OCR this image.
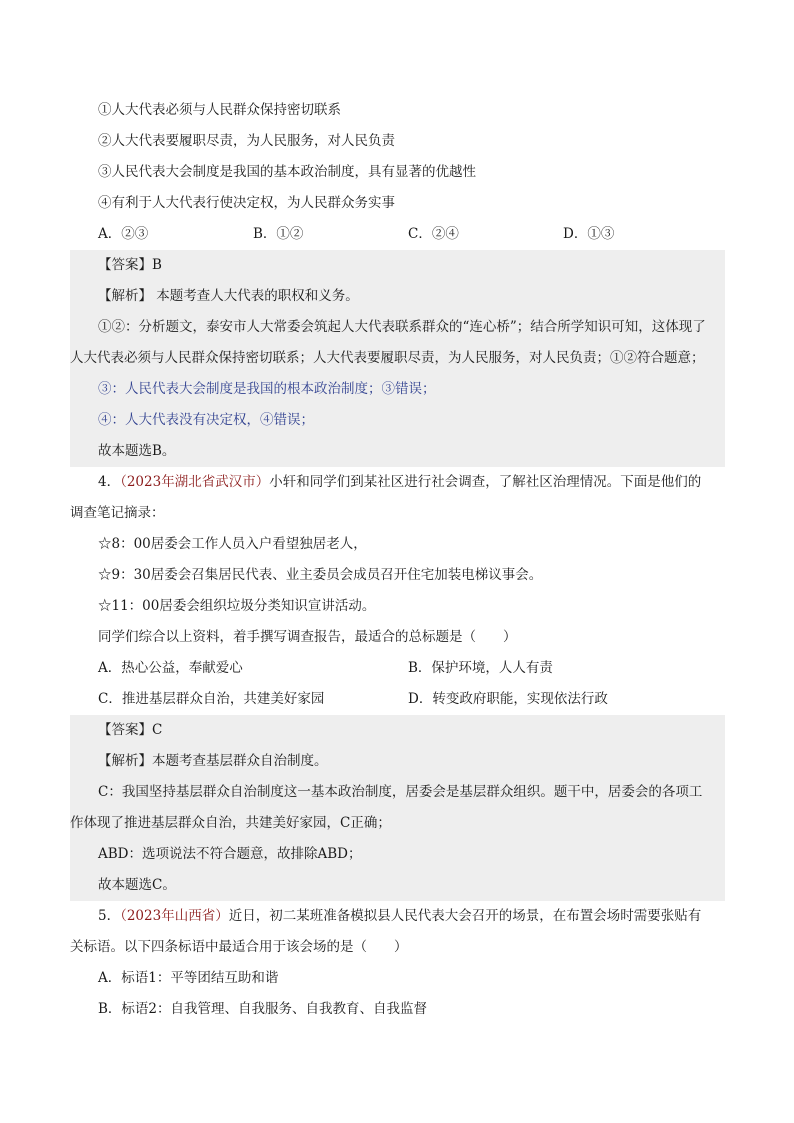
①人大代表必须与人民群众保持密切联系
②人大代表要履职尽责，为人民服务，对人民负责
③人民代表大会制度是我国的基本政治制度，具有显著的优越性
④有利于人大代表行使决定权，为人民群众务实事
A．②③	B．①②	C．②④	D．①③
【答案】B
【解析】 本题考查人大代表的职权和义务。
①②：分析题文，泰安市人大常委会筑起人大代表联系群众的“连心桥”；结合所学知识可知，这体现了
人大代表必须与人民群众保持密切联系；人大代表要履职尽责，为人民服务，对人民负责；①②符合题意；
③：人民代表大会制度是我国的根本政治制度；③错误；
④：人大代表没有决定权，④错误；
故本题选B。
4．（2023年湖北省武汉市）小轩和同学们到某社区进行社会调查，了解社区治理情况。下面是他们的
调查笔记摘录：
☆8：00居委会工作人员入户看望独居老人，
☆9：30居委会召集居民代表、业主委员会成员召开住宅加装电梯议事会。
☆11：00居委会组织垃圾分类知识宣讲活动。
同学们综合以上资料，着手撰写调查报告，最适合的总标题是（　　）
A．热心公益，奉献爱心	B．保护环境，人人有责
C．推进基层群众自治，共建美好家园	D．转变政府职能，实现依法行政
【答案】C
【解析】本题考查基层群众自治制度。
C：我国坚持基层群众自治制度这一基本政治制度，居委会是基层群众组织。题干中，居委会的各项工
作体现了推进基层群众自治，共建美好家园，C正确；
ABD：选项说法不符合题意，故排除ABD；
故本题选C。
5．（2023年山西省）近日，初二某班准备模拟县人民代表大会召开的场景，在布置会场时需要张贴有
关标语。以下四条标语中最适合用于该会场的是（　　）
A．标语1：平等团结互助和谐
B．标语2：自我管理、自我服务、自我教育、自我监督
